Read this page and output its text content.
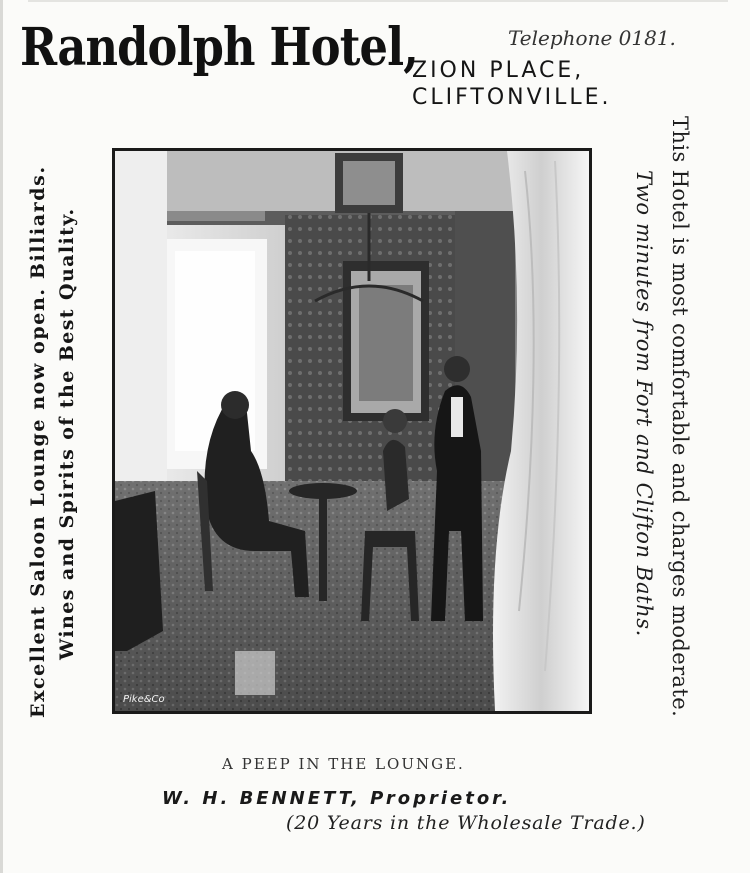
Randolph Hotel,	Telephone 0181.
ZION PLACE,
CLIFTONVILLE.
Excellent Saloon Lounge now open. Billiards. Wines and Spirits of the Best Quality.	This Hotel is most comfortable and charges moderate.
Two minutes from Fort and Clifton Baths.
Pike&Co
A PEEP IN THE LOUNGE.
W. H. BENNETT, Proprietor.
(20 Years in the Wholesale Trade.)
